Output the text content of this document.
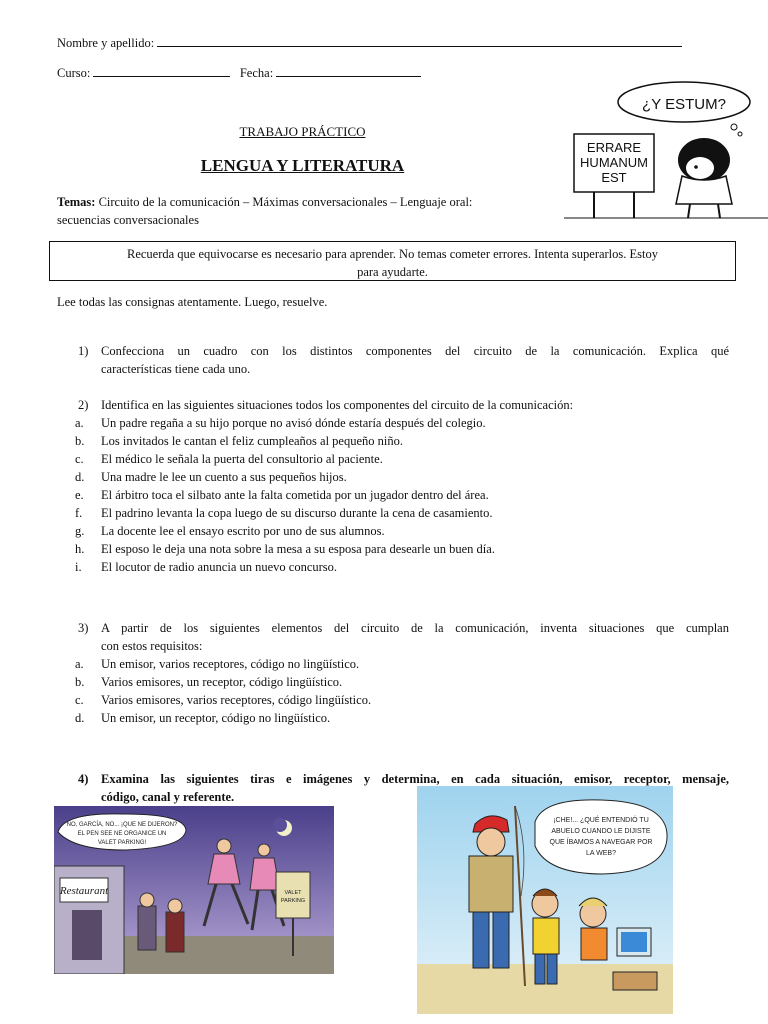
Nombre y apellido:
Curso:	Fecha:
¿Y ESTUM?
ERRARE
HUMANUM
EST
TRABAJO PRÁCTICO
LENGUA Y LITERATURA
Temas: Circuito de la comunicación – Máximas conversacionales – Lenguaje oral:
secuencias conversacionales
Recuerda que equivocarse es necesario para aprender. No temas cometer errores. Intenta superarlos. Estoy
para ayudarte.
Lee todas las consignas atentamente. Luego, resuelve.
1) Confecciona un cuadro con los distintos componentes del circuito de la comunicación. Explica qué
características tiene cada uno.
2) Identifica en las siguientes situaciones todos los componentes del circuito de la comunicación:
a. Un padre regaña a su hijo porque no avisó dónde estaría después del colegio.
b. Los invitados le cantan el feliz cumpleaños al pequeño niño.
c. El médico le señala la puerta del consultorio al paciente.
d. Una madre le lee un cuento a sus pequeños hijos.
e. El árbitro toca el silbato ante la falta cometida por un jugador dentro del área.
f. El padrino levanta la copa luego de su discurso durante la cena de casamiento.
g. La docente lee el ensayo escrito por uno de sus alumnos.
h. El esposo le deja una nota sobre la mesa a su esposa para desearle un buen día.
i. El locutor de radio anuncia un nuevo concurso.
3) A partir de los siguientes elementos del circuito de la comunicación, inventa situaciones que cumplan
con estos requisitos:
a. Un emisor, varios receptores, código no lingüístico.
b. Varios emisores, un receptor, código lingüístico.
c. Varios emisores, varios receptores, código lingüístico.
d. Un emisor, un receptor, código no lingüístico.
4) Examina las siguientes tiras e imágenes y determina, en cada situación, emisor, receptor, mensaje,
código, canal y referente.
Restaurant
NO, GARCÍA, NO... ¡QUE NE DIJERON?
EL PEN SEE NE ORGANICE UN
VALET PARKING!
VALET
PARKING
¡CHE!... ¿QUÉ ENTENDIÓ TU
ABUELO CUANDO LE DIJISTE
QUE ÍBAMOS A NAVEGAR POR
LA WEB?
